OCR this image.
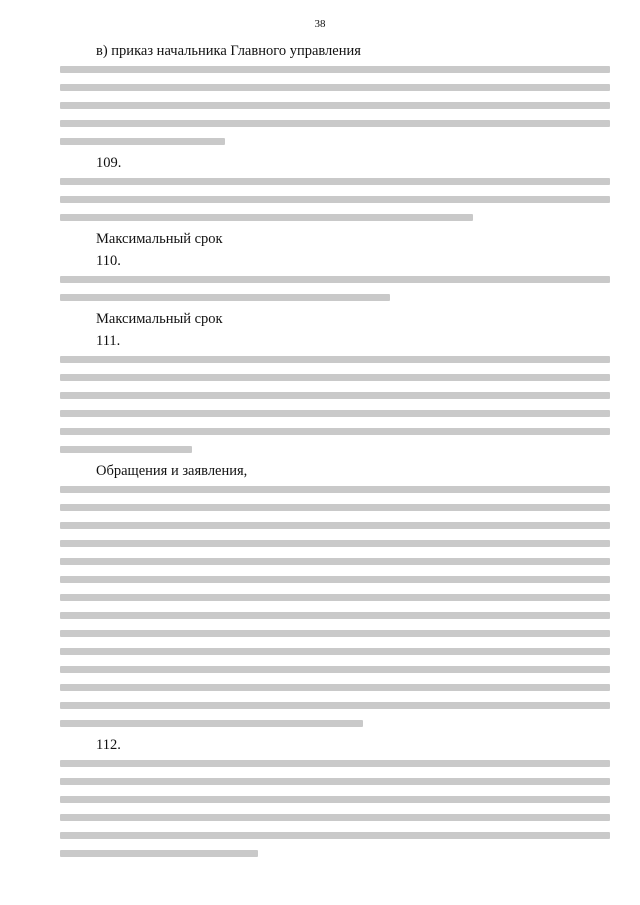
38

в) приказ начальника Главного управления

109.

Максимальный срок

110.

Максимальный срок

111.

Обращения и заявления,

112.
